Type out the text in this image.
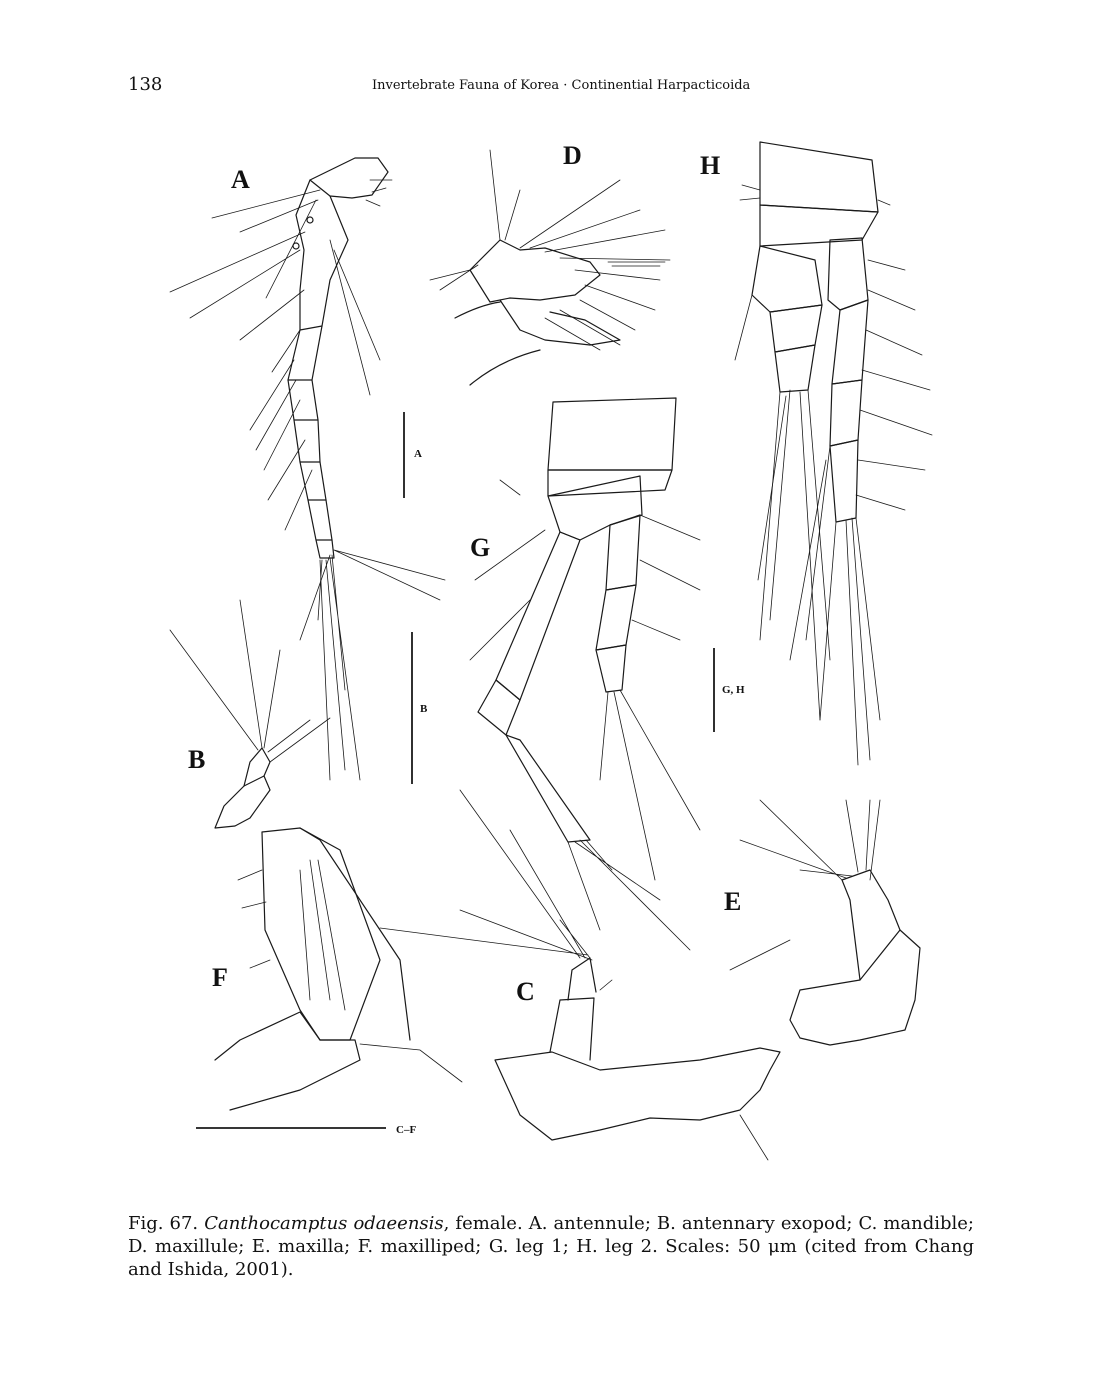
138	Invertebrate Fauna of Korea · Continential Harpacticoida
A
A
D	H
G
G, H
B
B
F
C–F
C
E
Fig. 67. Canthocamptus odaeensis, female. A. antennule; B. antennary exopod; C. mandible; D. maxillule; E. maxilla; F. maxilliped; G. leg 1; H. leg 2. Scales: 50 μm (cited from Chang and Ishida, 2001).
